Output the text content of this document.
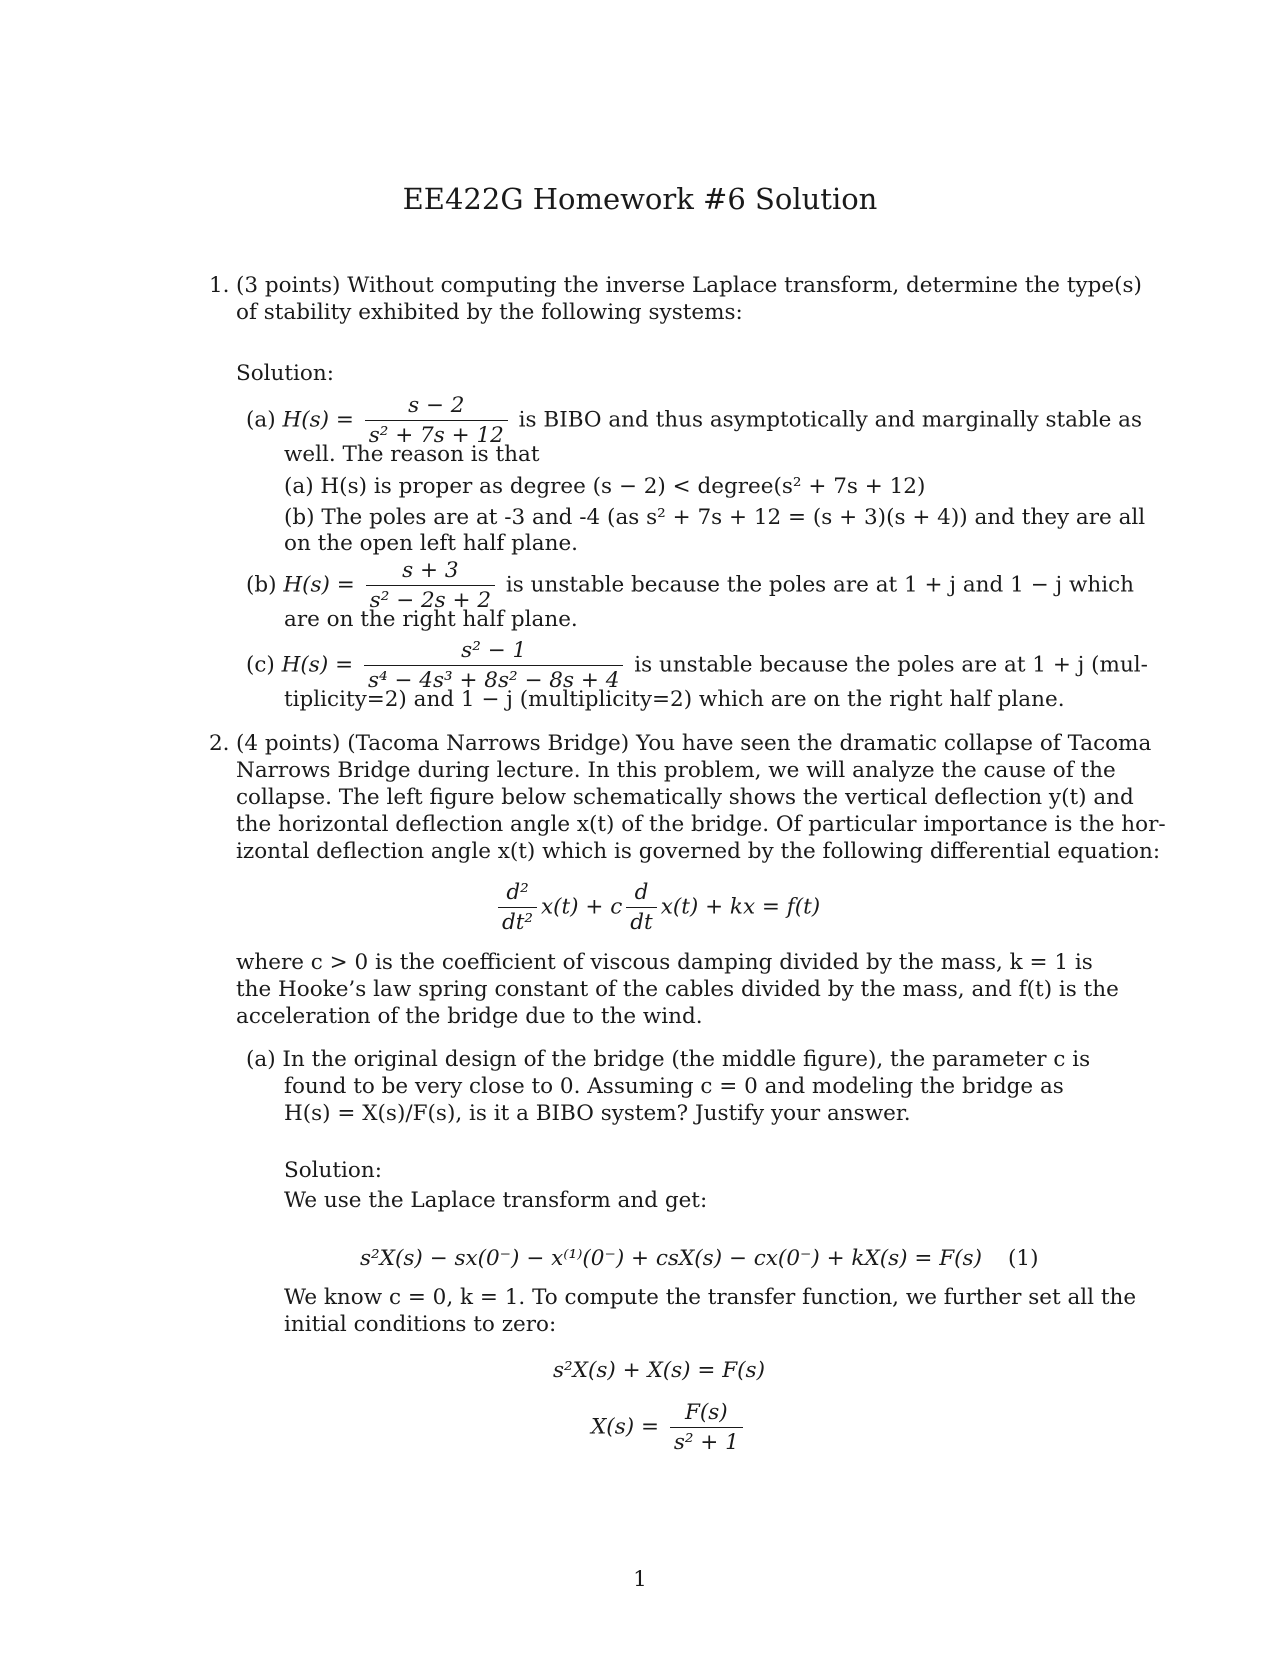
EE422G Homework #6 Solution
1. (3 points) Without computing the inverse Laplace transform, determine the type(s)
of stability exhibited by the following systems:
Solution:
(a) $H(s) = \frac{s - 2}{\text{s² + 7s + 12}}$ is BIBO and thus asymptotically and marginally stable as
well. The reason is that
(a) H(s) is proper as degree (s − 2) < degree(s² + 7s + 12)
(b) The poles are at -3 and -4 (as s² + 7s + 12 = (s + 3)(s + 4)) and they are all
on the open left half plane.
(b) $H(s) = \frac{s + 3}{\text{s² − 2s + 2}}$ is unstable because the poles are at 1 + j and 1 − j which
are on the right half plane.
(c) $H(s) = \frac{\text{s² − 1}}{\text{s⁴ − 4s³ + 8s² − 8s + 4}}$ is unstable because the poles are at 1 + j (mul-
tiplicity=2) and 1 − j (multiplicity=2) which are on the right half plane.
2. (4 points) (Tacoma Narrows Bridge) You have seen the dramatic collapse of Tacoma
Narrows Bridge during lecture. In this problem, we will analyze the cause of the
collapse. The left figure below schematically shows the vertical deflection y(t) and
the horizontal deflection angle x(t) of the bridge. Of particular importance is the hor-
izontal deflection angle x(t) which is governed by the following differential equation:
$\frac{\text{d²}}{\text{dt²}} x(t) + c \frac{d}{dt} x(t)$ + kx = f(t)
where c > 0 is the coefficient of viscous damping divided by the mass, k = 1 is
the Hooke’s law spring constant of the cables divided by the mass, and f(t) is the
acceleration of the bridge due to the wind.
(a) In the original design of the bridge (the middle figure), the parameter c is
found to be very close to 0. Assuming c = 0 and modeling the bridge as
H(s) = X(s)/F(s), is it a BIBO system? Justify your answer.
Solution:
We use the Laplace transform and get:
s²X(s) − sx(0⁻) − x⁽¹⁾(0⁻) + csX(s) − cx(0⁻) + kX(s) = F(s) (1)
We know c = 0, k = 1. To compute the transfer function, we further set all the
initial conditions to zero:
s²X(s) + X(s) = F(s)
$X(s) = \frac{F(s)}{\text{s² + 1}}$
1
